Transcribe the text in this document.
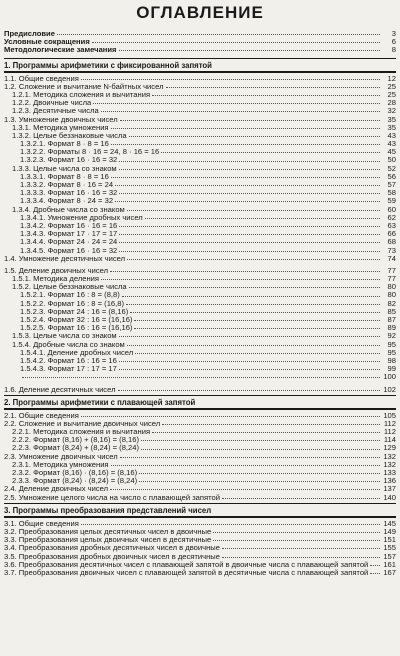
ОГЛАВЛЕНИЕ
Предисловие	3
Условные сокращения	6
Методологические замечания	8
1. Программы арифметики с фиксированной запятой
1.1. Общие сведения	12
1.2. Сложение и вычитание N-байтных чисел	25
1.2.1. Методика сложения и вычитания	25
1.2.2. Двоичные числа	28
1.2.3. Десятичные числа	32
1.3. Умножение двоичных чисел	35
1.3.1. Методика умножения	35
1.3.2. Целые беззнаковые числа	43
1.3.2.1. Формат 8 · 8 = 16	43
1.3.2.2. Форматы 8 · 16 = 24, 8 · 16 = 16	45
1.3.2.3. Формат 16 · 16 = 32	50
1.3.3. Целые числа со знаком	52
1.3.3.1. Формат 8 · 8 = 16	56
1.3.3.2. Формат 8 · 16 = 24	57
1.3.3.3. Формат 16 · 16 = 32	58
1.3.3.4. Формат 8 · 24 = 32	59
1.3.4. Дробные числа со знаком	60
1.3.4.1. Умножение дробных чисел	62
1.3.4.2. Формат 16 · 16 = 16	63
1.3.4.3. Формат 17 · 17 = 17	66
1.3.4.4. Формат 24 · 24 = 24	68
1.3.4.5. Формат 16 · 16 = 32	73
1.4. Умножение десятичных чисел	74
1.5. Деление двоичных чисел	77
1.5.1. Методика деления	77
1.5.2. Целые беззнаковые числа	80
1.5.2.1. Формат 16 : 8 = (8,8)	80
1.5.2.2. Формат 16 : 8 = (16,8)	82
1.5.2.3. Формат 24 : 16 = (8,16)	85
1.5.2.4. Формат 32 : 16 = (16,16)	87
1.5.2.5. Формат 16 : 16 = (16,16)	89
1.5.3. Целые числа со знаком	92
1.5.4. Дробные числа со знаком	95
1.5.4.1. Деление дробных чисел	95
1.5.4.2. Формат 16 : 16 = 16	98
1.5.4.3. Формат 17 : 17 = 17	99
100
1.6. Деление десятичных чисел	102
2. Программы арифметики с плавающей запятой
2.1. Общие сведения	105
2.2. Сложение и вычитание двоичных чисел	112
2.2.1. Методика сложения и вычитания	112
2.2.2. Формат (8,16) + (8,16) = (8,16)	114
2.2.3. Формат (8,24) + (8,24) = (8,24)	129
2.3. Умножение двоичных чисел	132
2.3.1. Методика умножения	132
2.3.2. Формат (8,16) · (8,16) = (8,16)	133
2.3.3. Формат (8,24) · (8,24) = (8,24)	136
2.4. Деление двоичных чисел	137
2.5. Умножение целого числа на число с плавающей запятой	140
3. Программы преобразования представлений чисел
3.1. Общие сведения	145
3.2. Преобразования целых десятичных чисел в двоичные	149
3.3. Преобразования целых двоичных чисел в десятичные	151
3.4. Преобразования дробных десятичных чисел в двоичные	155
3.5. Преобразования дробных двоичных чисел в десятичные	157
3.6. Преобразования десятичных чисел с плавающей запятой в двоичные числа с плавающей запятой 161
3.7. Преобразования двоичных чисел с плавающей запятой в десятичные числа с плавающей запятой 167
